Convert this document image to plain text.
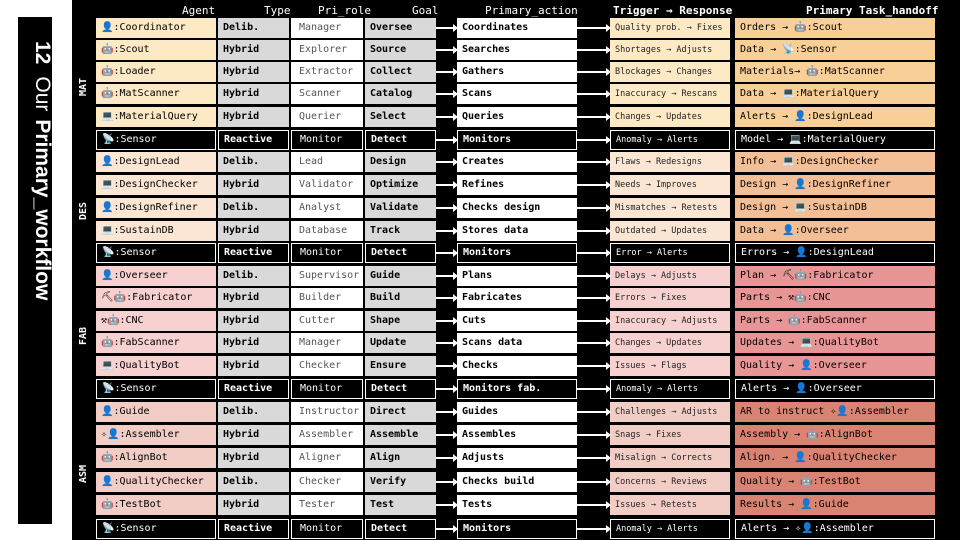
12OurPrimary_workflow
Agent	Type	Pri_role	Goal	Primary_action	Trigger → Response	Primary Task_handoff
👤:Coordinator	Delib.	Manager	Oversee	Coordinates	Quality prob. → Fixes	Orders → 🤖:Scout
🤖:Scout	Hybrid	Explorer	Source	Searches	Shortages → Adjusts	Data → 📡:Sensor
🤖:Loader	Hybrid	Extractor	Collect	Gathers	Blockages → Changes	Materials→ 🤖:MatScanner
🤖:MatScanner	Hybrid	Scanner	Catalog	Scans	Inaccuracy → Rescans	Data → 💻:MaterialQuery
💻:MaterialQuery	Hybrid	Querier	Select	Queries	Changes → Updates	Alerts → 👤:DesignLead
📡:Sensor	Reactive	Monitor	Detect	Monitors	Anomaly → Alerts	Model → 💻:MaterialQuery
👤:DesignLead	Delib.	Lead	Design	Creates	Flaws → Redesigns	Info → 💻:DesignChecker
💻:DesignChecker	Hybrid	Validator	Optimize	Refines	Needs → Improves	Design → 👤:DesignRefiner
👤:DesignRefiner	Delib.	Analyst	Validate	Checks design	Mismatches → Retests	Design → 💻:SustainDB
💻:SustainDB	Hybrid	Database	Track	Stores data	Outdated → Updates	Data → 👤:Overseer
📡:Sensor	Reactive	Monitor	Detect	Monitors	Error → Alerts	Errors → 👤:DesignLead
👤:Overseer	Delib.	Supervisor	Guide	Plans	Delays → Adjusts	Plan → ⛏🤖:Fabricator
⛏🤖:Fabricator	Hybrid	Builder	Build	Fabricates	Errors → Fixes	Parts → ⚒🤖:CNC
⚒🤖:CNC	Hybrid	Cutter	Shape	Cuts	Inaccuracy → Adjusts	Parts → 🤖:FabScanner
🤖:FabScanner	Hybrid	Manager	Update	Scans data	Changes → Updates	Updates → 💻:QualityBot
💻:QualityBot	Hybrid	Checker	Ensure	Checks	Issues → Flags	Quality → 👤:Overseer
📡:Sensor	Reactive	Monitor	Detect	Monitors fab.	Anomaly → Alerts	Alerts → 👤:Overseer
👤:Guide	Delib.	Instructor	Direct	Guides	Challenges → Adjusts	AR to instruct ✧👤:Assembler
✧👤:Assembler	Hybrid	Assembler	Assemble	Assembles	Snags → Fixes	Assembly → 🤖:AlignBot
🤖:AlignBot	Hybrid	Aligner	Align	Adjusts	Misalign → Corrects	Align. → 👤:QualityChecker
👤:QualityChecker	Delib.	Checker	Verify	Checks build	Concerns → Reviews	Quality → 🤖:TestBot
🤖:TestBot	Hybrid	Tester	Test	Tests	Issues → Retests	Results → 👤:Guide
📡:Sensor	Reactive	Monitor	Detect	Monitors	Anomaly → Alerts	Alerts → ✧👤:Assembler
MAT
DES
FAB
ASM
